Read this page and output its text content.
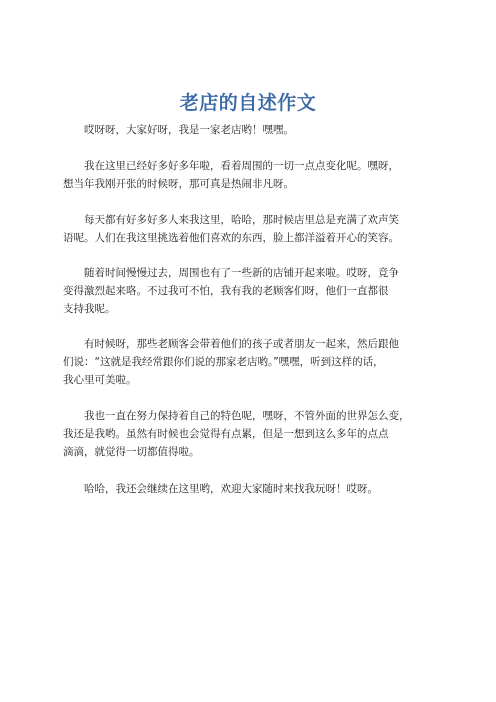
老店的自述作文
哎呀呀，大家好呀，我是一家老店哟！嘿嘿。
我在这里已经好多好多年啦，看着周围的一切一点点变化呢。嘿呀，
想当年我刚开张的时候呀，那可真是热闹非凡呀。
每天都有好多好多人来我这里，哈哈，那时候店里总是充满了欢声笑
语呢。人们在我这里挑选着他们喜欢的东西，脸上都洋溢着开心的笑容。
随着时间慢慢过去，周围也有了一些新的店铺开起来啦。哎呀，竞争
变得激烈起来咯。不过我可不怕，我有我的老顾客们呀，他们一直都很
支持我呢。
有时候呀，那些老顾客会带着他们的孩子或者朋友一起来，然后跟他
们说：“这就是我经常跟你们说的那家老店哟。”嘿嘿，听到这样的话，
我心里可美啦。
我也一直在努力保持着自己的特色呢，嘿呀，不管外面的世界怎么变，
我还是我哟。虽然有时候也会觉得有点累，但是一想到这么多年的点点
滴滴，就觉得一切都值得啦。
哈哈，我还会继续在这里哟，欢迎大家随时来找我玩呀！哎呀。
